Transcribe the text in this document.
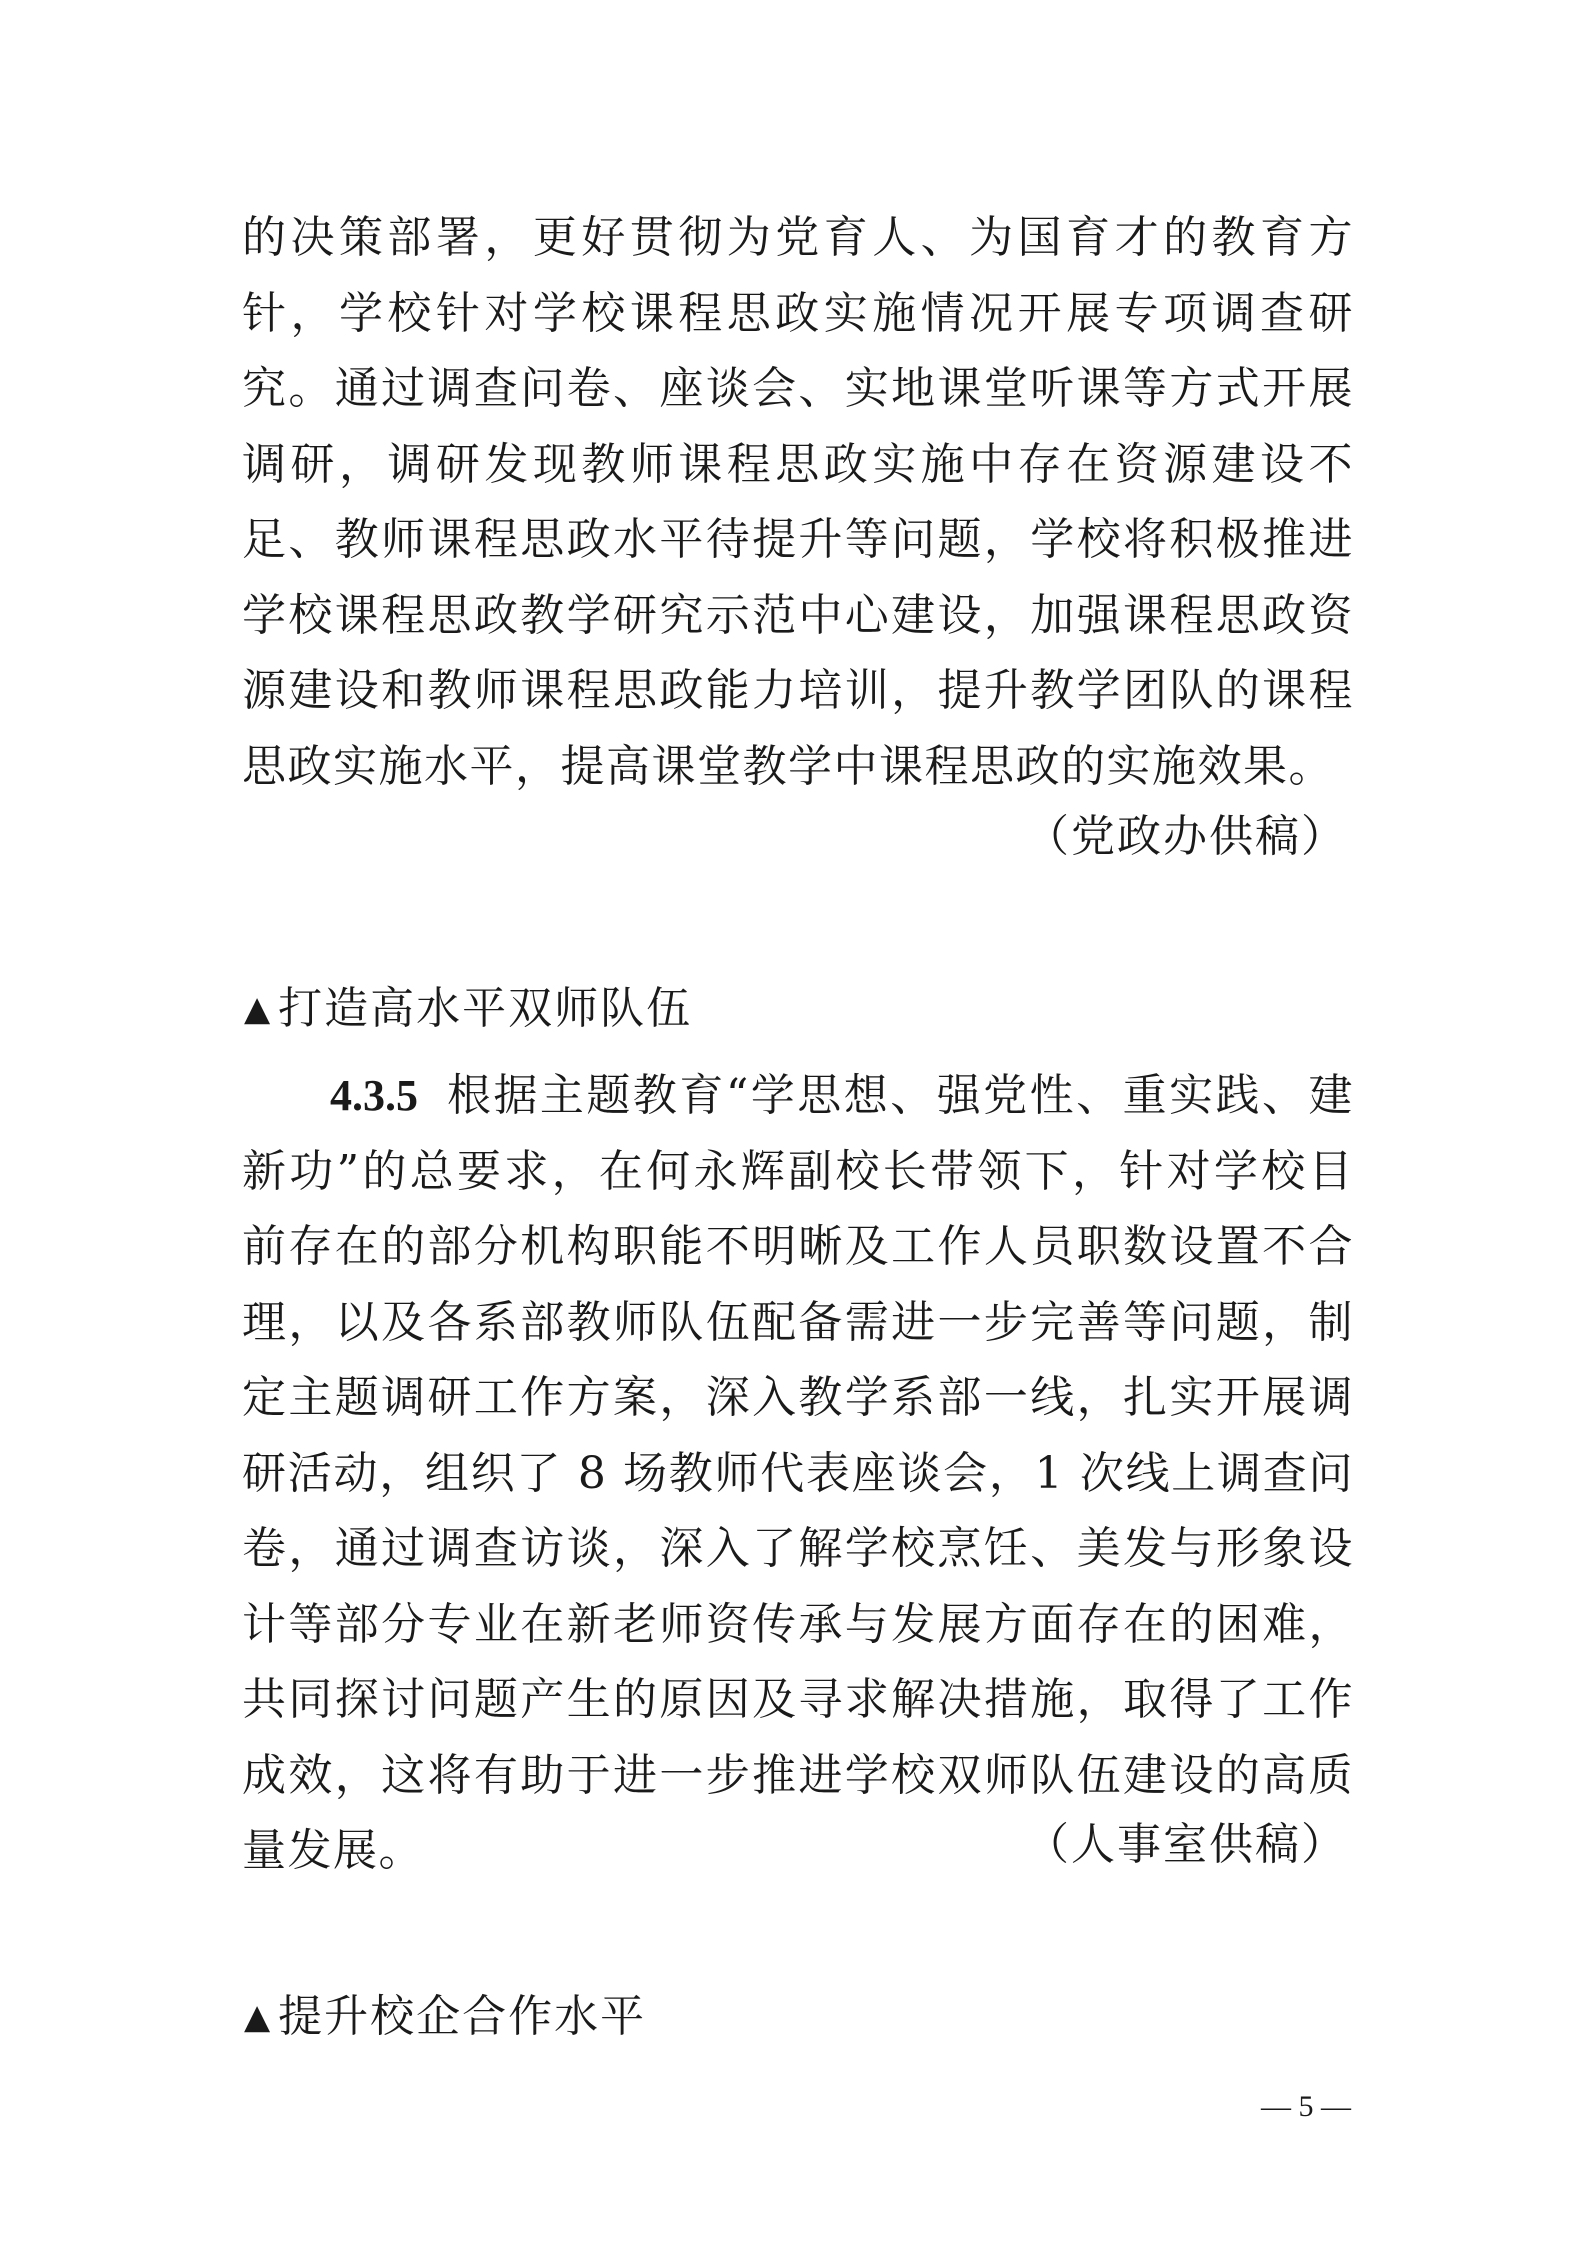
的决策部署，更好贯彻为党育人、为国育才的教育方针，学校针对学校课程思政实施情况开展专项调查研究。通过调查问卷、座谈会、实地课堂听课等方式开展调研，调研发现教师课程思政实施中存在资源建设不足、教师课程思政水平待提升等问题，学校将积极推进学校课程思政教学研究示范中心建设，加强课程思政资源建设和教师课程思政能力培训，提升教学团队的课程思政实施水平，提高课堂教学中课程思政的实施效果。

（党政办供稿）
▲ 打造高水平双师队伍

4.3.5 根据主题教育“学思想、强党性、重实践、建新功”的总要求，在何永辉副校长带领下，针对学校目前存在的部分机构职能不明晰及工作人员职数设置不合理，以及各系部教师队伍配备需进一步完善等问题，制定主题调研工作方案，深入教学系部一线，扎实开展调研活动，组织了 8 场教师代表座谈会，1 次线上调查问卷，通过调查访谈，深入了解学校烹饪、美发与形象设计等部分专业在新老师资传承与发展方面存在的困难，共同探讨问题产生的原因及寻求解决措施，取得了工作成效，这将有助于进一步推进学校双师队伍建设的高质量发展。	（人事室供稿）
▲ 提升校企合作水平
— 5 —
